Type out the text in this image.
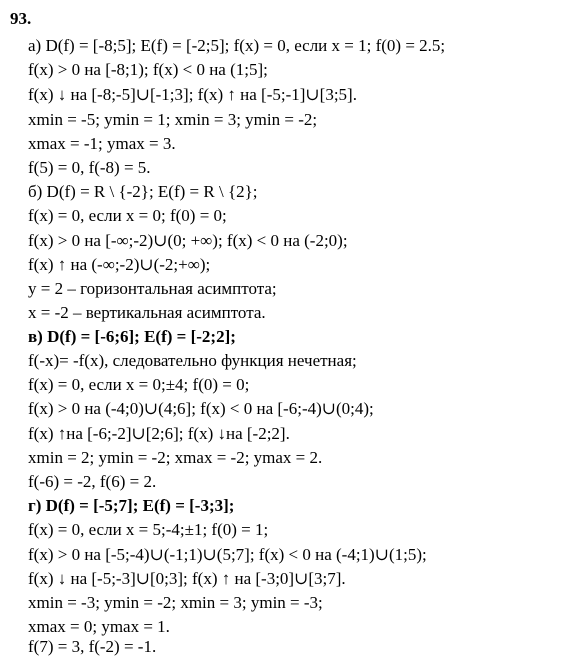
93.
а) D(f) = [-8;5]; E(f) = [-2;5]; f(x) = 0, если x = 1; f(0) = 2.5;
f(x) > 0 на [-8;1); f(x) < 0 на (1;5];
f(x) ↓ на [-8;-5]∪[-1;3]; f(x) ↑ на [-5;-1]∪[3;5].
xmin = -5; ymin = 1; xmin = 3; ymin = -2;
xmax = -1; ymax = 3.
f(5) = 0, f(-8) = 5.
б) D(f) = R \ {-2}; E(f) = R \ {2};
f(x) = 0, если x = 0; f(0) = 0;
f(x) > 0 на [-∞;-2)∪(0; +∞); f(x) < 0 на (-2;0);
f(x) ↑ на (-∞;-2)∪(-2;+∞);
y = 2 – горизонтальная асимптота;
x = -2 – вертикальная асимптота.
в) D(f) = [-6;6]; E(f) = [-2;2];
f(-x)= -f(x), следовательно функция нечетная;
f(x) = 0, если x = 0;±4; f(0) = 0;
f(x) > 0 на (-4;0)∪(4;6]; f(x) < 0 на [-6;-4)∪(0;4);
f(x) ↑на [-6;-2]∪[2;6]; f(x) ↓на [-2;2].
xmin = 2; ymin = -2; xmax = -2; ymax = 2.
f(-6) = -2, f(6) = 2.
г) D(f) = [-5;7]; E(f) = [-3;3];
f(x) = 0, если x = 5;-4;±1; f(0) = 1;
f(x) > 0 на [-5;-4)∪(-1;1)∪(5;7]; f(x) < 0 на (-4;1)∪(1;5);
f(x) ↓ на [-5;-3]∪[0;3]; f(x) ↑ на [-3;0]∪[3;7].
xmin = -3; ymin = -2; xmin = 3; ymin = -3;
xmax = 0; ymax = 1.
f(7) = 3, f(-2) = -1.
